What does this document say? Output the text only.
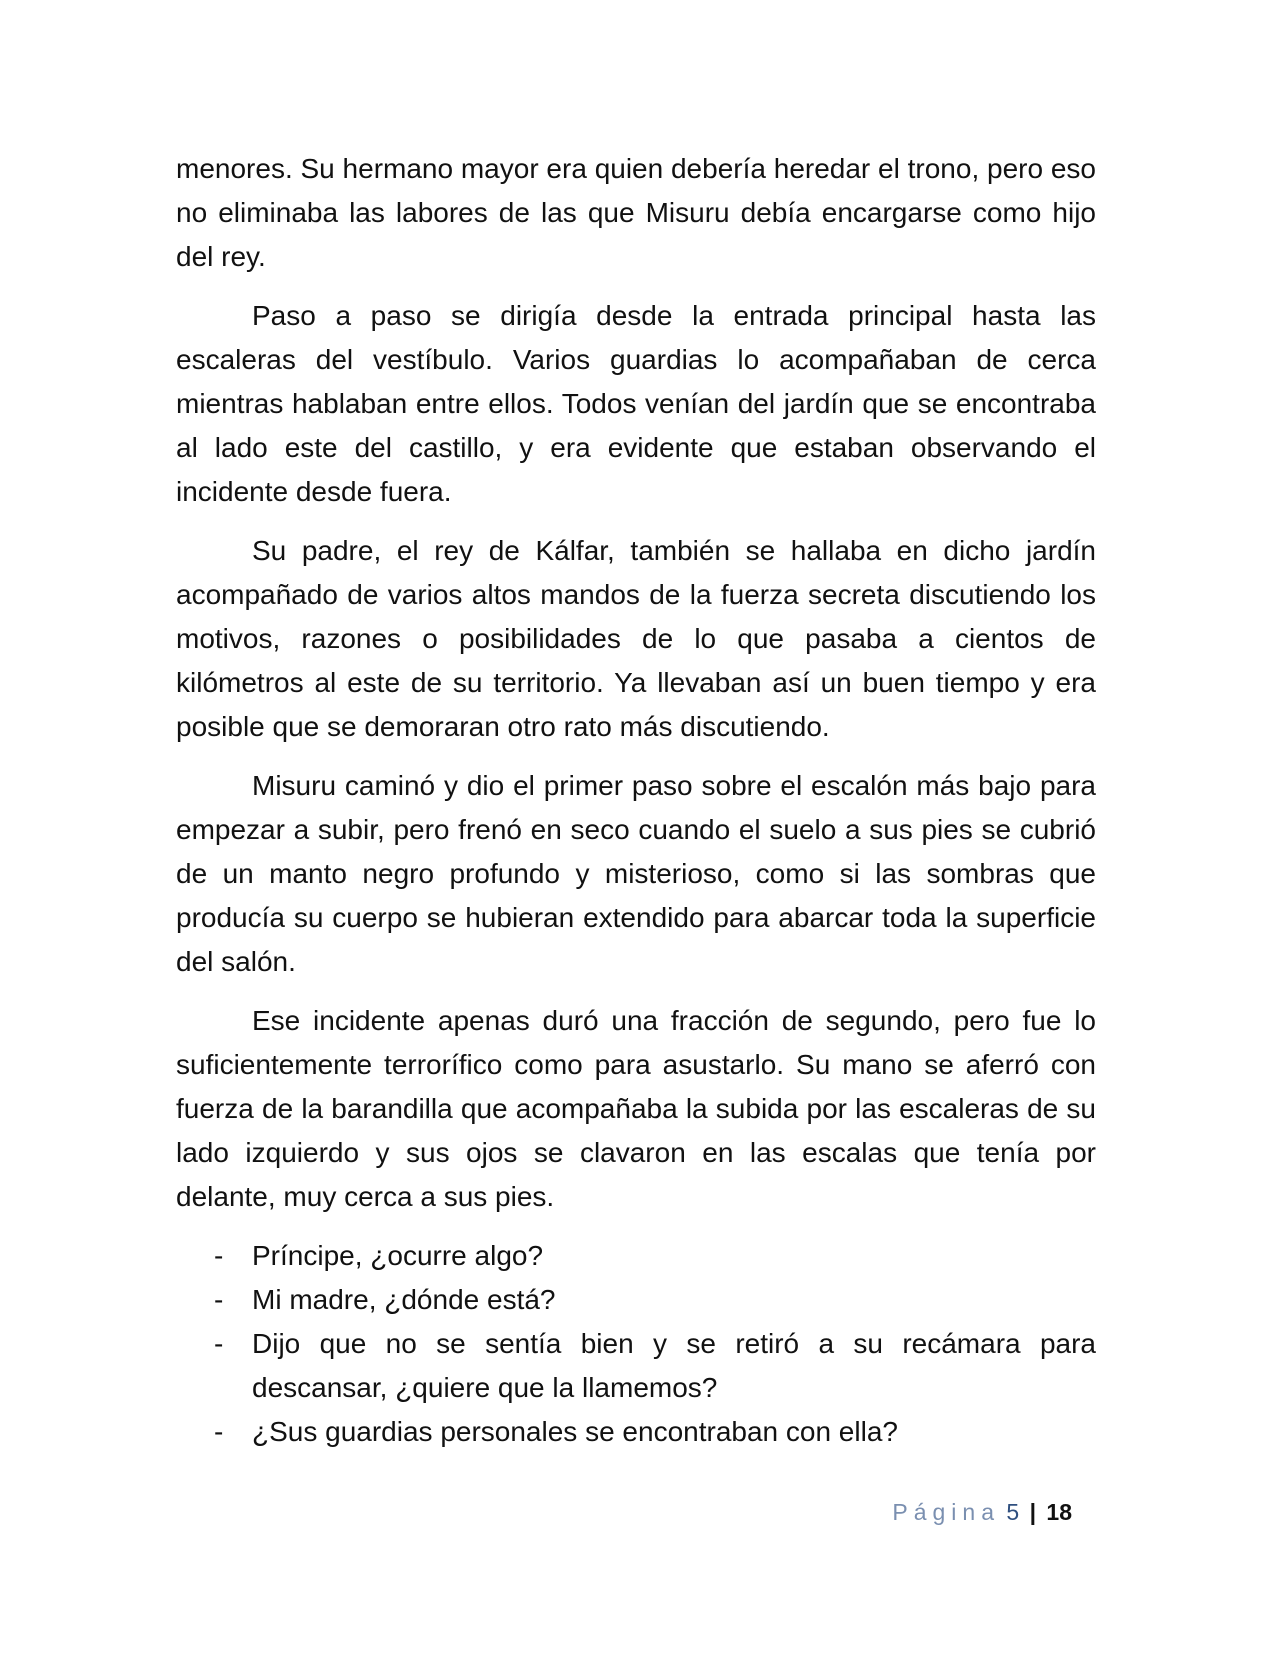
menores. Su hermano mayor era quien debería heredar el trono, pero eso no eliminaba las labores de las que Misuru debía encargarse como hijo del rey.

Paso a paso se dirigía desde la entrada principal hasta las escaleras del vestíbulo. Varios guardias lo acompañaban de cerca mientras hablaban entre ellos. Todos venían del jardín que se encontraba al lado este del castillo, y era evidente que estaban observando el incidente desde fuera.

Su padre, el rey de Kálfar, también se hallaba en dicho jardín acompañado de varios altos mandos de la fuerza secreta discutiendo los motivos, razones o posibilidades de lo que pasaba a cientos de kilómetros al este de su territorio. Ya llevaban así un buen tiempo y era posible que se demoraran otro rato más discutiendo.

Misuru caminó y dio el primer paso sobre el escalón más bajo para empezar a subir, pero frenó en seco cuando el suelo a sus pies se cubrió de un manto negro profundo y misterioso, como si las sombras que producía su cuerpo se hubieran extendido para abarcar toda la superficie del salón.

Ese incidente apenas duró una fracción de segundo, pero fue lo suficientemente terrorífico como para asustarlo. Su mano se aferró con fuerza de la barandilla que acompañaba la subida por las escaleras de su lado izquierdo y sus ojos se clavaron en las escalas que tenía por delante, muy cerca a sus pies.

- Príncipe, ¿ocurre algo?
- Mi madre, ¿dónde está?
- Dijo que no se sentía bien y se retiró a su recámara para descansar, ¿quiere que la llamemos?
- ¿Sus guardias personales se encontraban con ella?
Página 5 | 18
